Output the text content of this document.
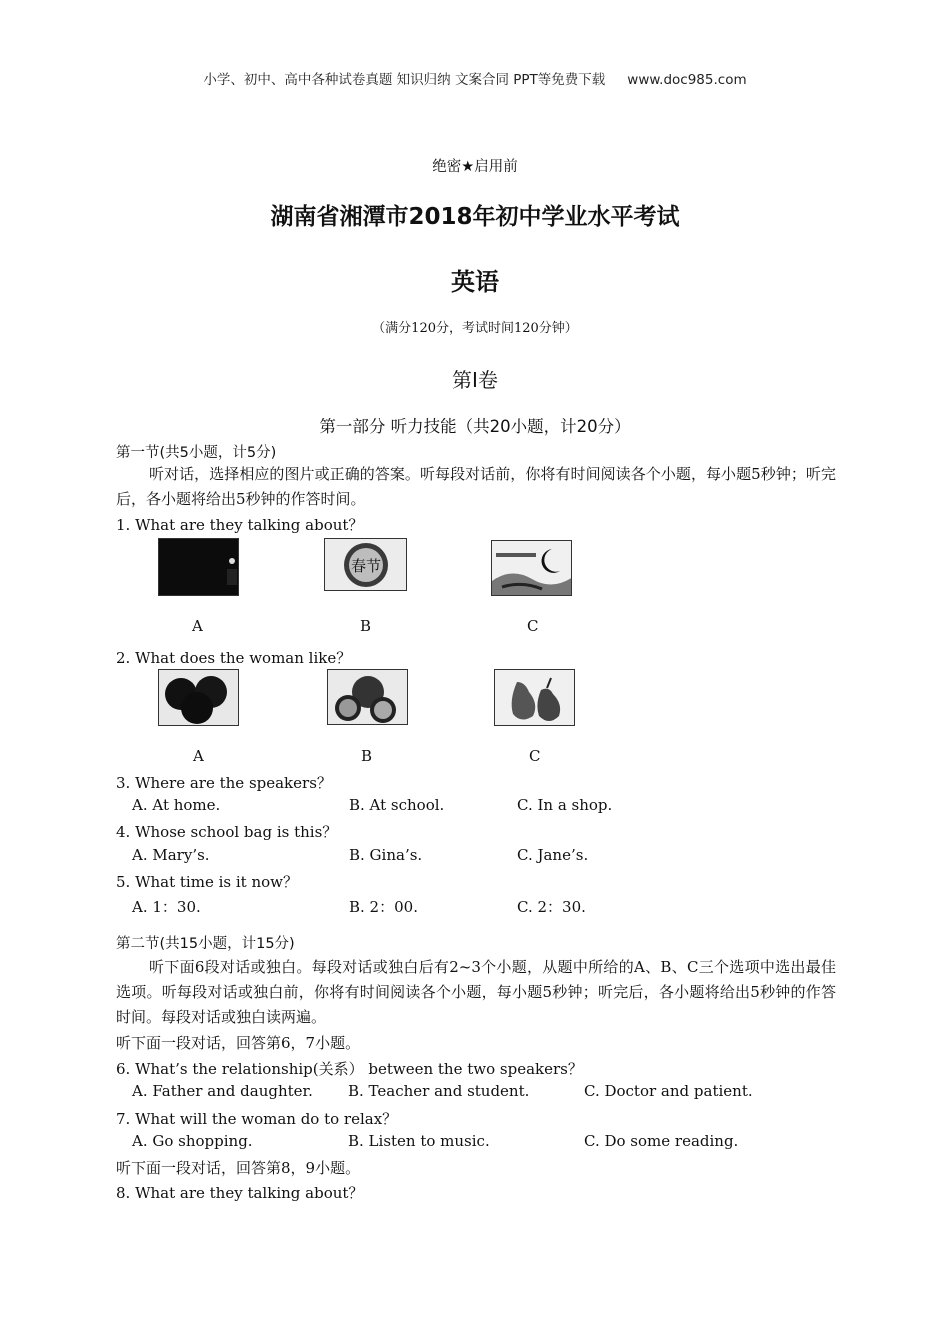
小学、初中、高中各种试卷真题 知识归纳 文案合同 PPT等免费下载 www.doc985.com
绝密★启用前
湖南省湘潭市2018年初中学业水平考试
英语
（满分120分，考试时间120分钟）
第Ⅰ卷
第一部分 听力技能（共20小题，计20分）
第一节(共5小题，计5分)
听对话，选择相应的图片或正确的答案。听每段对话前，你将有时间阅读各个小题，每小题5秒钟；听完后，各小题将给出5秒钟的作答时间。
1. What are they talking about？
春节
A	B	C
2. What does the woman like？
A	B	C
3. Where are the speakers？
A. At home.	B. At school.	C. In a shop.
4. Whose school bag is this？
A. Mary’s.	B. Gina’s.	C. Jane’s.
5. What time is it now？
A. 1：30.	B. 2：00.	C. 2：30.
第二节(共15小题，计15分)
听下面6段对话或独白。每段对话或独白后有2~3个小题，从题中所给的A、B、C三个选项中选出最佳选项。听每段对话或独白前，你将有时间阅读各个小题，每小题5秒钟；听完后，各小题将给出5秒钟的作答时间。每段对话或独白读两遍。
听下面一段对话，回答第6，7小题。
6. What’s the relationship(关系） between the two speakers？
A. Father and daughter. B. Teacher and student.	C. Doctor and patient.
7. What will the woman do to relax？
A. Go shopping.	B. Listen to music.	C. Do some reading.
听下面一段对话，回答第8，9小题。
8. What are they talking about？
